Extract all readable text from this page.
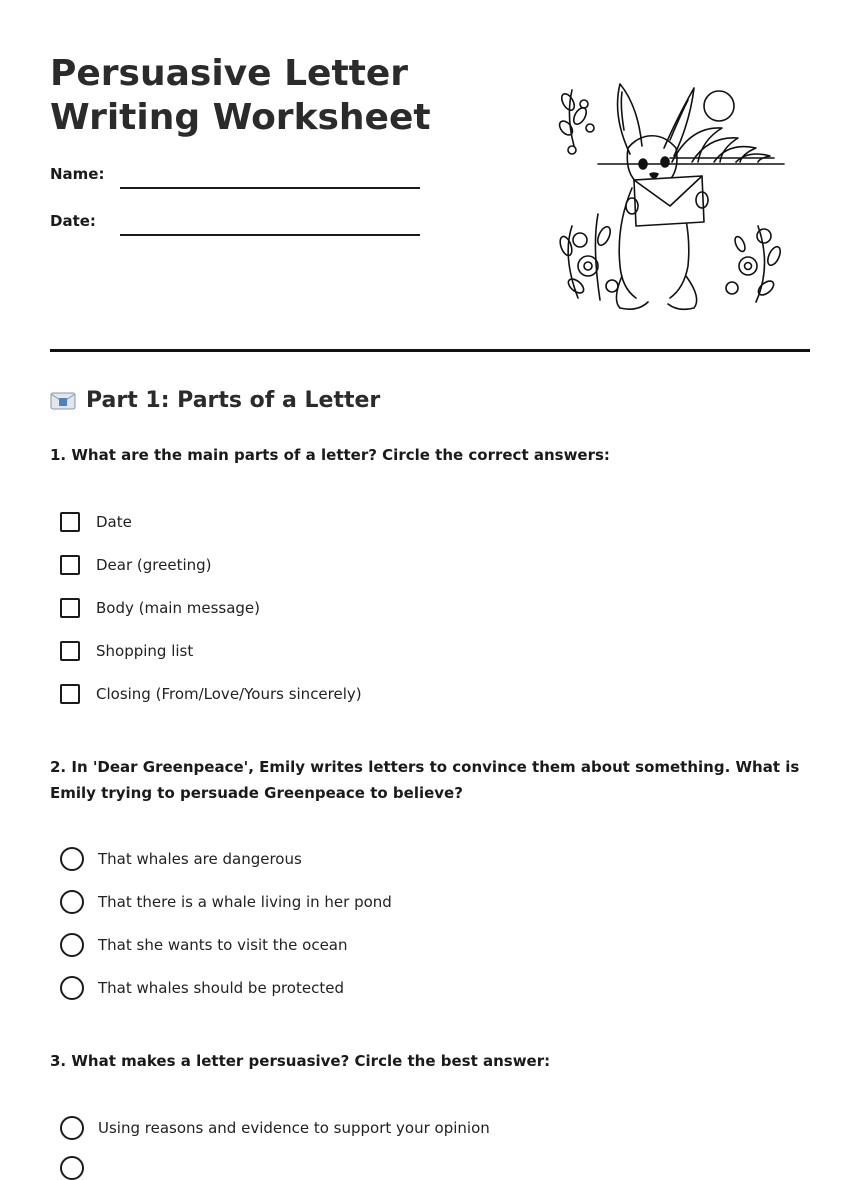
Persuasive Letter
Writing Worksheet
Name:
Date:
Part 1: Parts of a Letter
1. What are the main parts of a letter? Circle the correct answers:
Date
Dear (greeting)
Body (main message)
Shopping list
Closing (From/Love/Yours sincerely)
2. In 'Dear Greenpeace', Emily writes letters to convince them about something. What is Emily trying to persuade Greenpeace to believe?
That whales are dangerous
That there is a whale living in her pond
That she wants to visit the ocean
That whales should be protected
3. What makes a letter persuasive? Circle the best answer:
Using reasons and evidence to support your opinion
